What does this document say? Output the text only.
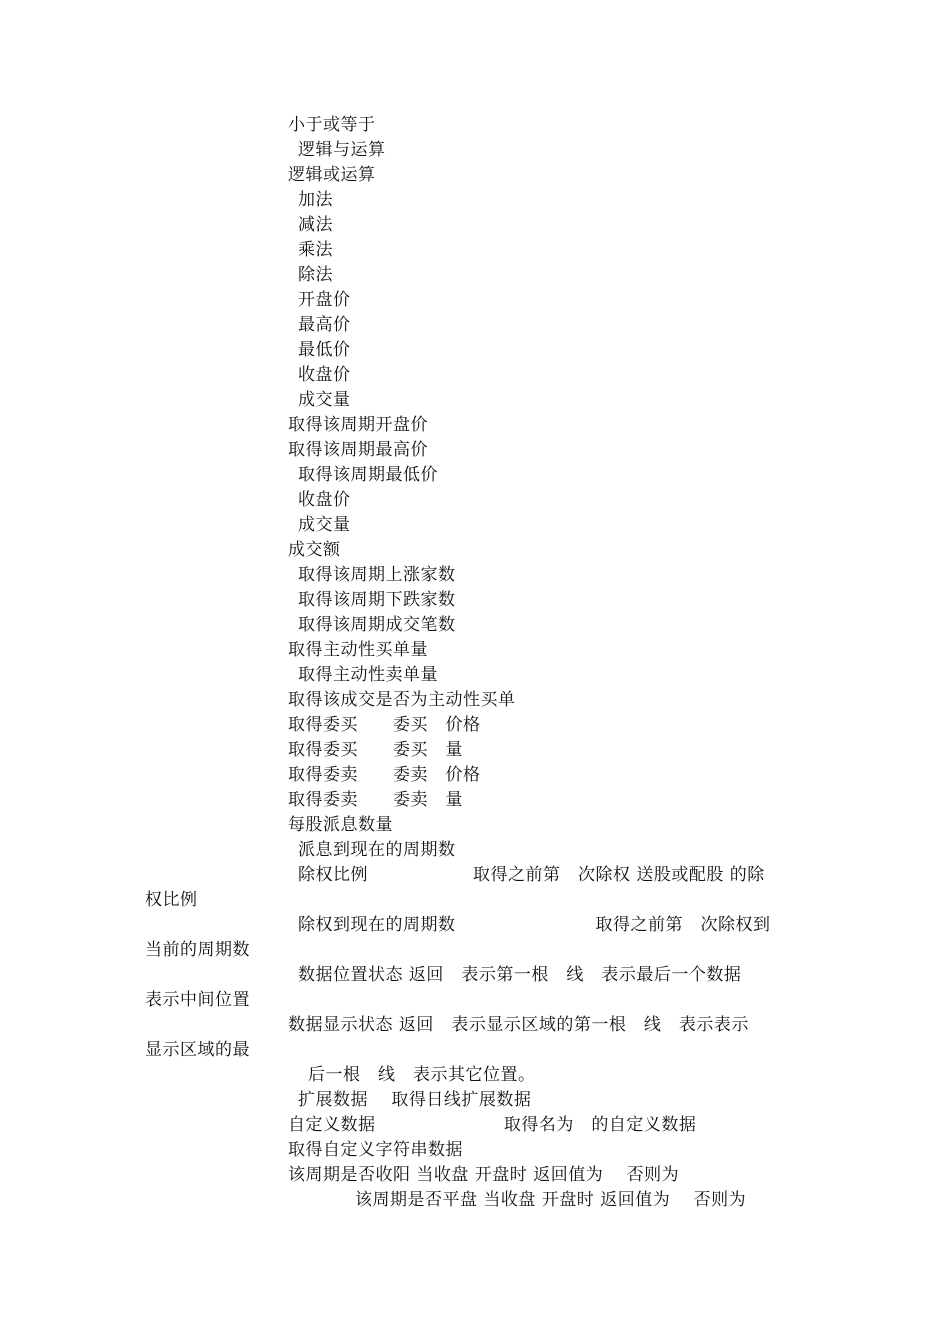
小于或等于
逻辑与运算
逻辑或运算
加法
减法
乘法
除法
开盘价
最高价
最低价
收盘价
成交量
取得该周期开盘价
取得该周期最高价
取得该周期最低价
收盘价
成交量
成交额
取得该周期上涨家数
取得该周期下跌家数
取得该周期成交笔数
取得主动性买单量
取得主动性卖单量
取得该成交是否为主动性买单
取得委买　　委买　价格
取得委买　　委买　量
取得委卖　　委卖　价格
取得委卖　　委卖　量
每股派息数量
派息到现在的周期数
除权比例　　　　　　取得之前第　次除权 送股或配股 的除
权比例
除权到现在的周期数　　　　　　　　取得之前第　次除权到
当前的周期数
数据位置状态 返回　表示第一根　线　表示最后一个数据
表示中间位置
数据显示状态 返回　表示显示区域的第一根　线　表示表示
显示区域的最
后一根　线　表示其它位置。
扩展数据　 取得日线扩展数据
自定义数据　　　　　　　 取得名为　的自定义数据
取得自定义字符串数据
该周期是否收阳 当收盘 开盘时 返回值为　 否则为
该周期是否平盘 当收盘 开盘时 返回值为　 否则为
